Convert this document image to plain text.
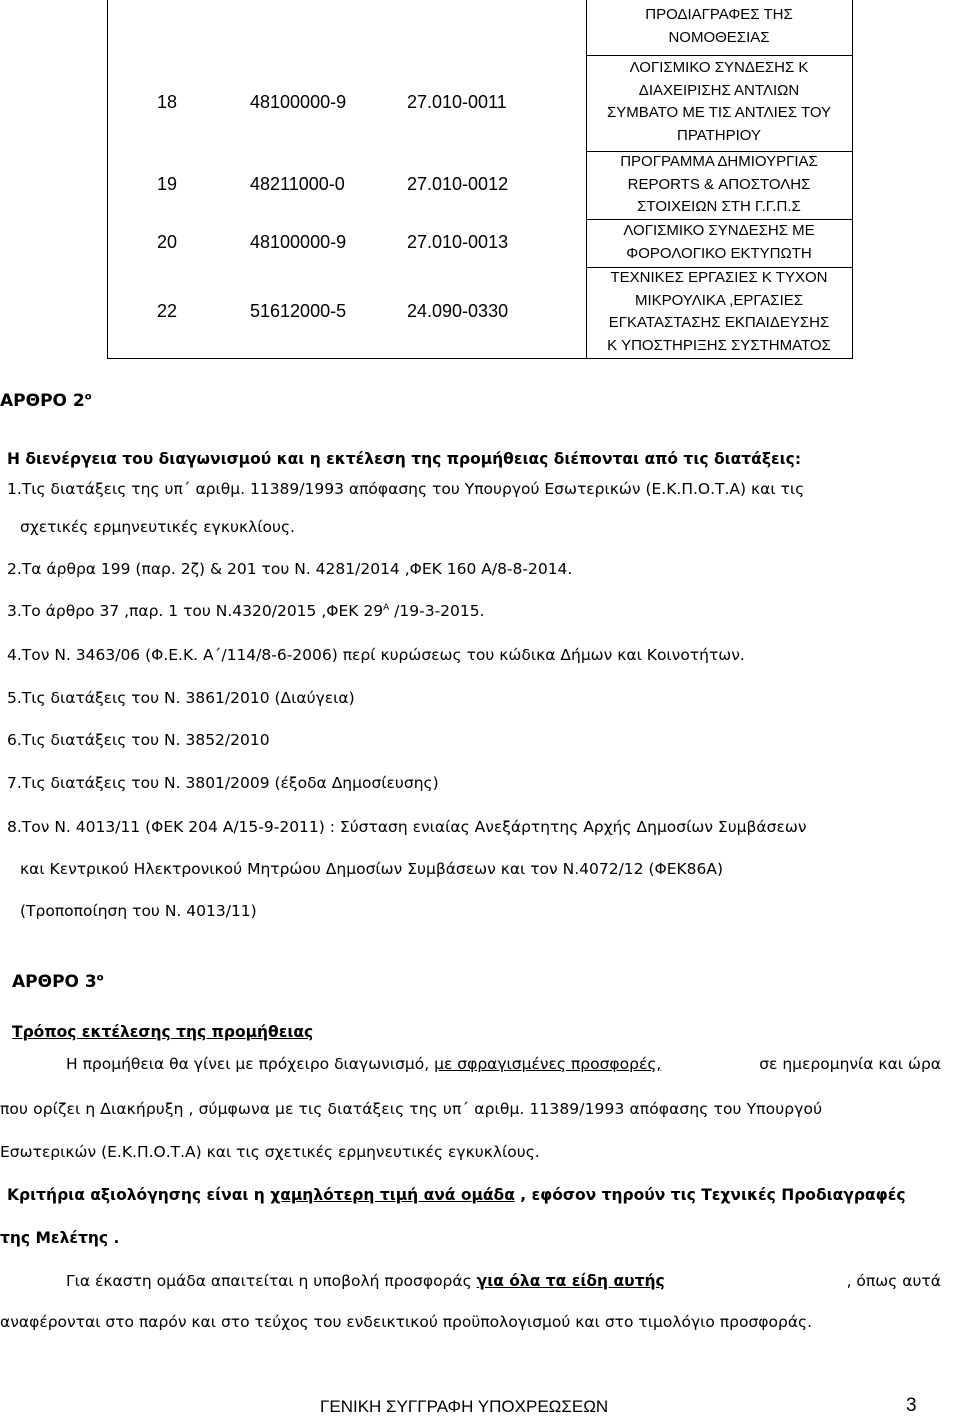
ΠΡΟΔΙΑΓΡΑΦΕΣ ΤΗΣ
ΝΟΜΟΘΕΣΙΑΣ
18	48100000-9	27.010-0011
ΛΟΓΙΣΜΙΚΟ ΣΥΝΔΕΣΗΣ Κ
ΔΙΑΧΕΙΡΙΣΗΣ ΑΝΤΛΙΩΝ
ΣΥΜΒΑΤΟ ΜΕ ΤΙΣ ΑΝΤΛΙΕΣ ΤΟΥ
ΠΡΑΤΗΡΙΟΥ
19	48211000-0	27.010-0012
ΠΡΟΓΡΑΜΜΑ ΔΗΜΙΟΥΡΓΙΑΣ
REPORTS & ΑΠΟΣΤΟΛΗΣ
ΣΤΟΙΧΕΙΩΝ ΣΤΗ Γ.Γ.Π.Σ
20	48100000-9	27.010-0013
ΛΟΓΙΣΜΙΚΟ ΣΥΝΔΕΣΗΣ ΜΕ
ΦΟΡΟΛΟΓΙΚΟ ΕΚΤΥΠΩΤΗ
22	51612000-5	24.090-0330
ΤΕΧΝΙΚΕΣ ΕΡΓΑΣΙΕΣ Κ ΤΥΧΟΝ
ΜΙΚΡΟΥΛΙΚΑ ,ΕΡΓΑΣΙΕΣ
ΕΓΚΑΤΑΣΤΑΣΗΣ ΕΚΠΑΙΔΕΥΣΗΣ
Κ ΥΠΟΣΤΗΡΙΞΗΣ ΣΥΣΤΗΜΑΤΟΣ
ΑΡΘΡΟ $2^o$
Η διενέργεια του διαγωνισμού και η εκτέλεση της προμήθειας διέπονται από τις διατάξεις:
1.Τις διατάξεις της υπ΄ αριθμ. 11389/1993 απόφασης του Υπουργού Εσωτερικών (Ε.Κ.Π.Ο.Τ.Α) και τις
σχετικές ερμηνευτικές εγκυκλίους.
2.Τα άρθρα 199 (παρ. 2ζ) & 201 του Ν. 4281/2014 ,ΦΕΚ 160 Α/8-8-2014.
3.Το άρθρο 37 ,παρ. 1 του Ν.4320/2015 ,ΦΕΚ $29^A$ /19-3-2015.
4.Τον Ν. 3463/06 (Φ.Ε.Κ. Α΄/114/8-6-2006) περί κυρώσεως του κώδικα Δήμων και Κοινοτήτων.
5.Τις διατάξεις του Ν. 3861/2010 (Διαύγεια)
6.Τις διατάξεις του Ν. 3852/2010
7.Τις διατάξεις του Ν. 3801/2009 (έξοδα Δημοσίευσης)
8.Τον Ν. 4013/11 (ΦΕΚ 204 Α/15-9-2011) : Σύσταση ενιαίας Ανεξάρτητης Αρχής Δημοσίων Συμβάσεων
και Κεντρικού Ηλεκτρονικού Μητρώου Δημοσίων Συμβάσεων και τον Ν.4072/12 (ΦΕΚ86Α)
(Τροποποίηση του Ν. 4013/11)
ΑΡΘΡΟ $3^o$
Τρόπος εκτέλεσης της προμήθειας
Η προμήθεια θα γίνει με πρόχειρο διαγωνισμό, με σφραγισμένες προσφορές,	σε ημερομηνία και ώρα
που ορίζει η Διακήρυξη , σύμφωνα με τις διατάξεις της υπ΄ αριθμ. 11389/1993 απόφασης του Υπουργού
Εσωτερικών (Ε.Κ.Π.Ο.Τ.Α) και τις σχετικές ερμηνευτικές εγκυκλίους.
Κριτήρια αξιολόγησης είναι η χαμηλότερη τιμή ανά ομάδα , εφόσον τηρούν τις Τεχνικές Προδιαγραφές
της Μελέτης .
Για έκαστη ομάδα απαιτείται η υποβολή προσφοράς για όλα τα είδη αυτής	, όπως αυτά
αναφέρονται στο παρόν και στο τεύχος του ενδεικτικού προϋπολογισμού και στο τιμολόγιο προσφοράς.
ΓΕΝΙΚΗ ΣΥΓΓΡΑΦΗ ΥΠΟΧΡΕΩΣΕΩΝ	3
